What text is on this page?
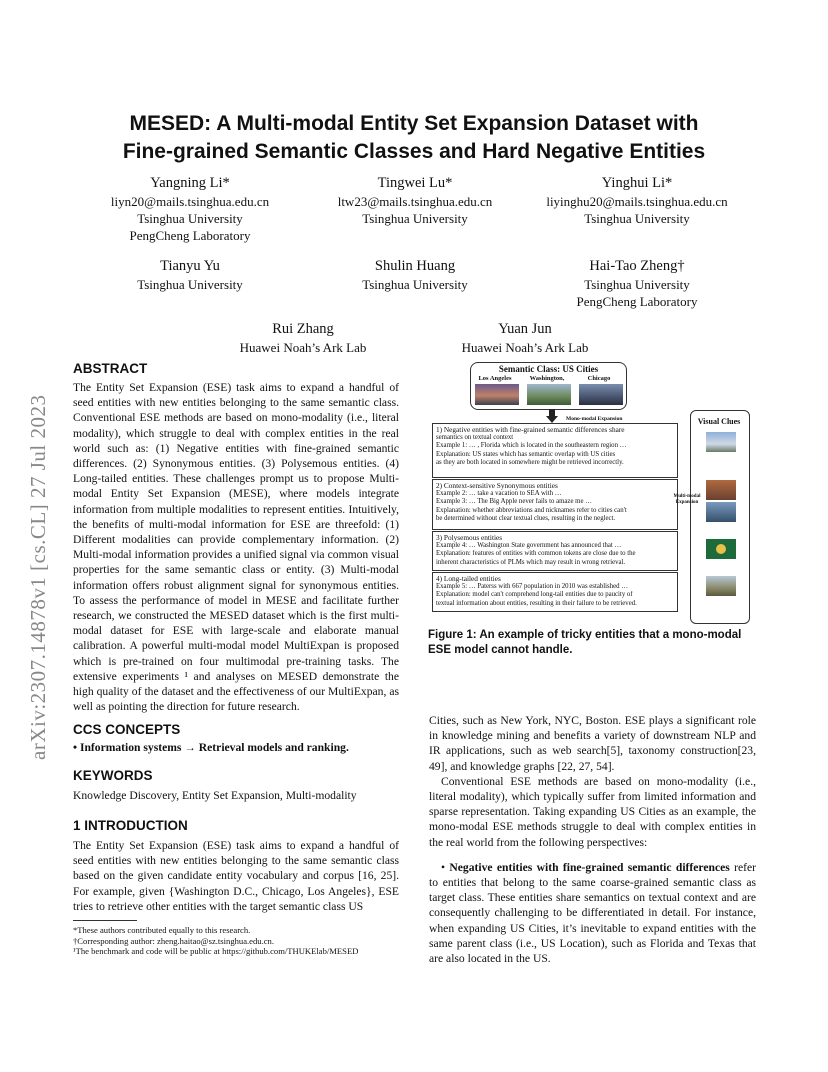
arXiv:2307.14878v1 [cs.CL] 27 Jul 2023
MESED: A Multi-modal Entity Set Expansion Dataset with
Fine-grained Semantic Classes and Hard Negative Entities
Yangning Li*
liyn20@mails.tsinghua.edu.cn
Tsinghua University
PengCheng Laboratory
Tingwei Lu*
ltw23@mails.tsinghua.edu.cn
Tsinghua University
Yinghui Li*
liyinghu20@mails.tsinghua.edu.cn
Tsinghua University
Tianyu Yu
Tsinghua University
Shulin Huang
Tsinghua University
Hai-Tao Zheng†
Tsinghua University
PengCheng Laboratory
Rui Zhang
Huawei Noah’s Ark Lab
Yuan Jun
Huawei Noah’s Ark Lab
ABSTRACT

The Entity Set Expansion (ESE) task aims to expand a handful of seed entities with new entities belonging to the same semantic class. Conventional ESE methods are based on mono-modality (i.e., literal modality), which struggle to deal with complex entities in the real world such as: (1) Negative entities with fine-grained semantic differences. (2) Synonymous entities. (3) Polysemous entities. (4) Long-tailed entities. These challenges prompt us to propose Multi-modal Entity Set Expansion (MESE), where models integrate information from multiple modalities to represent entities. Intuitively, the benefits of multi-modal information for ESE are threefold: (1) Different modalities can provide complementary information. (2) Multi-modal information provides a unified signal via common visual properties for the same semantic class or entity. (3) Multi-modal information offers robust alignment signal for synonymous entities. To assess the performance of model in MESE and facilitate further research, we constructed the MESED dataset which is the first multi-modal dataset for ESE with large-scale and elaborate manual calibration. A powerful multi-modal model MultiExpan is proposed which is pre-trained on four multimodal pre-training tasks. The extensive experiments ¹ and analyses on MESED demonstrate the high quality of the dataset and the effectiveness of our MultiExpan, as well as pointing the direction for future research.

CCS CONCEPTS
• Information systems → Retrieval models and ranking.
KEYWORDS
Knowledge Discovery, Entity Set Expansion, Multi-modality
1 INTRODUCTION
The Entity Set Expansion (ESE) task aims to expand a handful of seed entities with new entities belonging to the same semantic class based on the given candidate entity vocabulary and corpus [16, 25]. For example, given {Washington D.C., Chicago, Los Angeles}, ESE tries to retrieve other entities with the target semantic class US
*These authors contributed equally to this research.
†Corresponding author: zheng.haitao@sz.tsinghua.edu.cn.
¹The benchmark and code will be public at https://github.com/THUKElab/MESED
Semantic Class: US Cities
Los Angeles	Washington,	Chicago
Mono-modal Expansion
1) Negative entities with fine-grained semantic differences share
semantics on textual context
Example 1: … , Florida which is located in the southeastern region …
Explanation: US states which has semantic overlap with US cities
as they are both located in somewhere might be retrieved incorrectly.
2) Context-sensitive Synonymous entities
Example 2: … take a vacation to SEA with …
Example 3: … The Big Apple never fails to amaze me …
Explanation: whether abbreviations and nicknames refer to cities can't
be determined without clear textual clues, resulting in the neglect.
3) Polysemous entities
Example 4: … Washington State government has announced that …
Explanation: features of entities with common tokens are close due to the
inherent characteristics of PLMs which may result in wrong retrieval.
4) Long-tailed entities
Example 5: … Paterss with 667 population in 2010 was established …
Explanation: model can't comprehend long-tail entities due to paucity of
textual information about entities, resulting in their failure to be retrieved.
Visual Clues
Multi-modal Expansion
Figure 1: An example of tricky entities that a mono-modal ESE model cannot handle.

Cities, such as New York, NYC, Boston. ESE plays a significant role in knowledge mining and benefits a variety of downstream NLP and IR applications, such as web search[5], taxonomy construction[23, 49], and knowledge graphs [22, 27, 54].

Conventional ESE methods are based on mono-modality (i.e., literal modality), which typically suffer from limited information and sparse representation. Taking expanding US Cities as an example, the mono-modal ESE methods struggle to deal with complex entities in the real world from the following perspectives:

• Negative entities with fine-grained semantic differences refer to entities that belong to the same coarse-grained semantic class as target class. These entities share semantics on textual context and are consequently challenging to be differentiated in detail. For instance, when expanding US Cities, it’s inevitable to expand entities with the same parent class (i.e., US Location), such as Florida and Texas that are also located in the US.
